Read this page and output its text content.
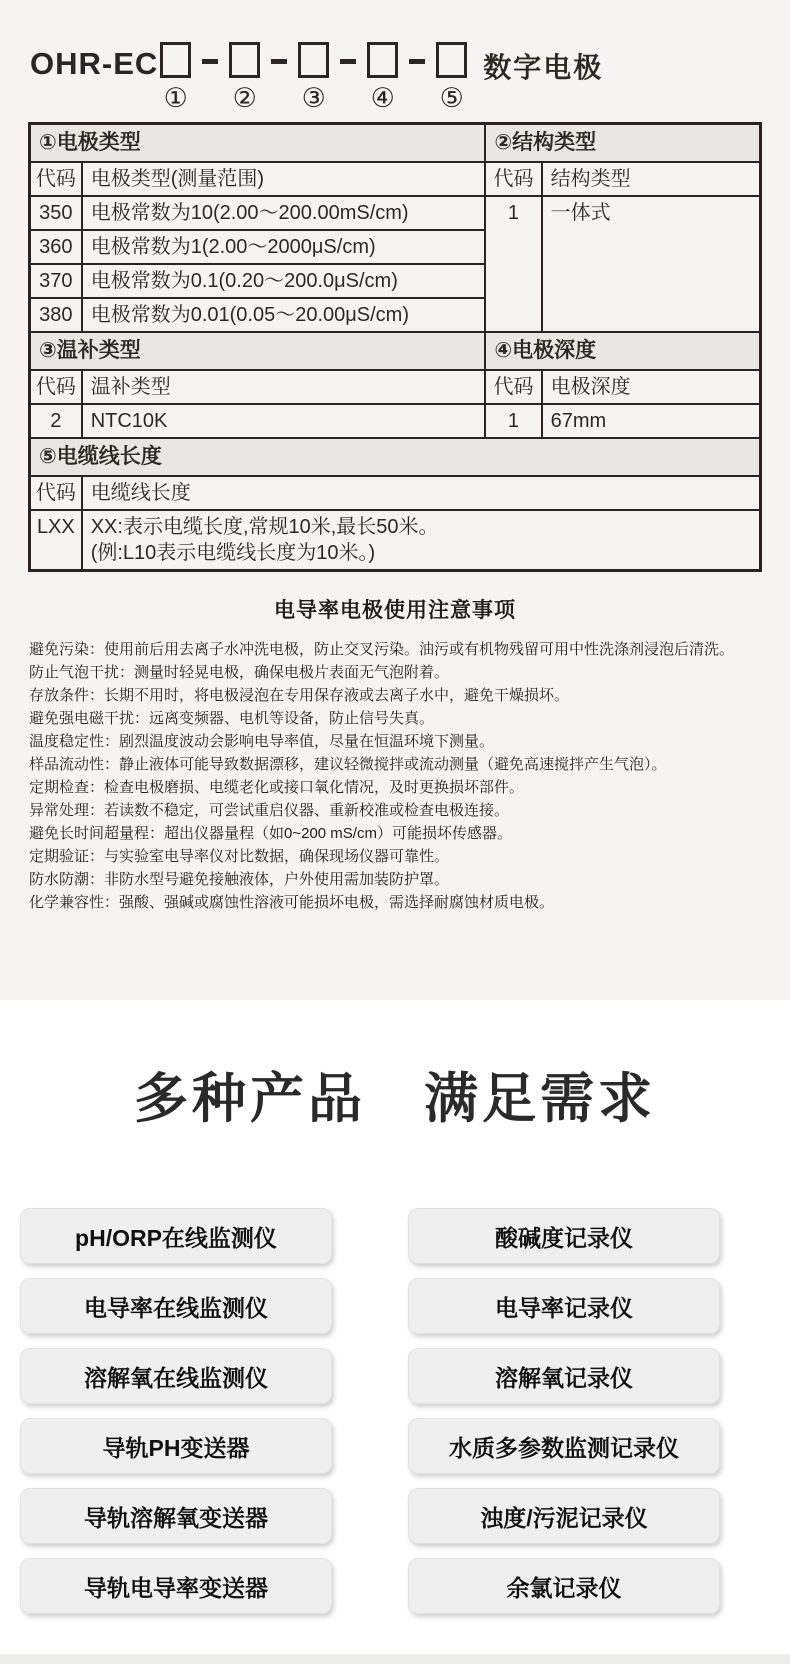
OHR-EC
① ② ③ ④ ⑤
数字电极
①电极类型		②结构类型	
代码	电极类型(测量范围)	代码	结构类型
350	电极常数为10(2.00～200.00mS/cm)	1	一体式
360	电极常数为1(2.00～2000μS/cm)		
370	电极常数为0.1(0.20～200.0μS/cm)		
380	电极常数为0.01(0.05～20.00μS/cm)		
③温补类型		④电极深度	
代码	温补类型	代码	电极深度
2	NTC10K	1	67mm
⑤电缆线长度			
代码	电缆线长度		
LXX	XX:表示电缆长度,常规10米,最长50米。
(例:L10表示电缆线长度为10米。)		
电导率电极使用注意事项
避免污染：使用前后用去离子水冲洗电极，防止交叉污染。油污或有机物残留可用中性洗涤剂浸泡后清洗。
防止气泡干扰：测量时轻晃电极，确保电极片表面无气泡附着。
存放条件：长期不用时，将电极浸泡在专用保存液或去离子水中，避免干燥损坏。
避免强电磁干扰：远离变频器、电机等设备，防止信号失真。
温度稳定性：剧烈温度波动会影响电导率值，尽量在恒温环境下测量。
样品流动性：静止液体可能导致数据漂移，建议轻微搅拌或流动测量（避免高速搅拌产生气泡）。
定期检查：检查电极磨损、电缆老化或接口氧化情况，及时更换损坏部件。
异常处理：若读数不稳定，可尝试重启仪器、重新校准或检查电极连接。
避免长时间超量程：超出仪器量程（如0~200 mS/cm）可能损坏传感器。
定期验证：与实验室电导率仪对比数据，确保现场仪器可靠性。
防水防潮：非防水型号避免接触液体，户外使用需加装防护罩。
化学兼容性：强酸、强碱或腐蚀性溶液可能损坏电极，需选择耐腐蚀材质电极。
多种产品　满足需求
pH/ORP在线监测仪	酸碱度记录仪
电导率在线监测仪	电导率记录仪
溶解氧在线监测仪	溶解氧记录仪
导轨PH变送器	水质多参数监测记录仪
导轨溶解氧变送器	浊度/污泥记录仪
导轨电导率变送器	余氯记录仪
